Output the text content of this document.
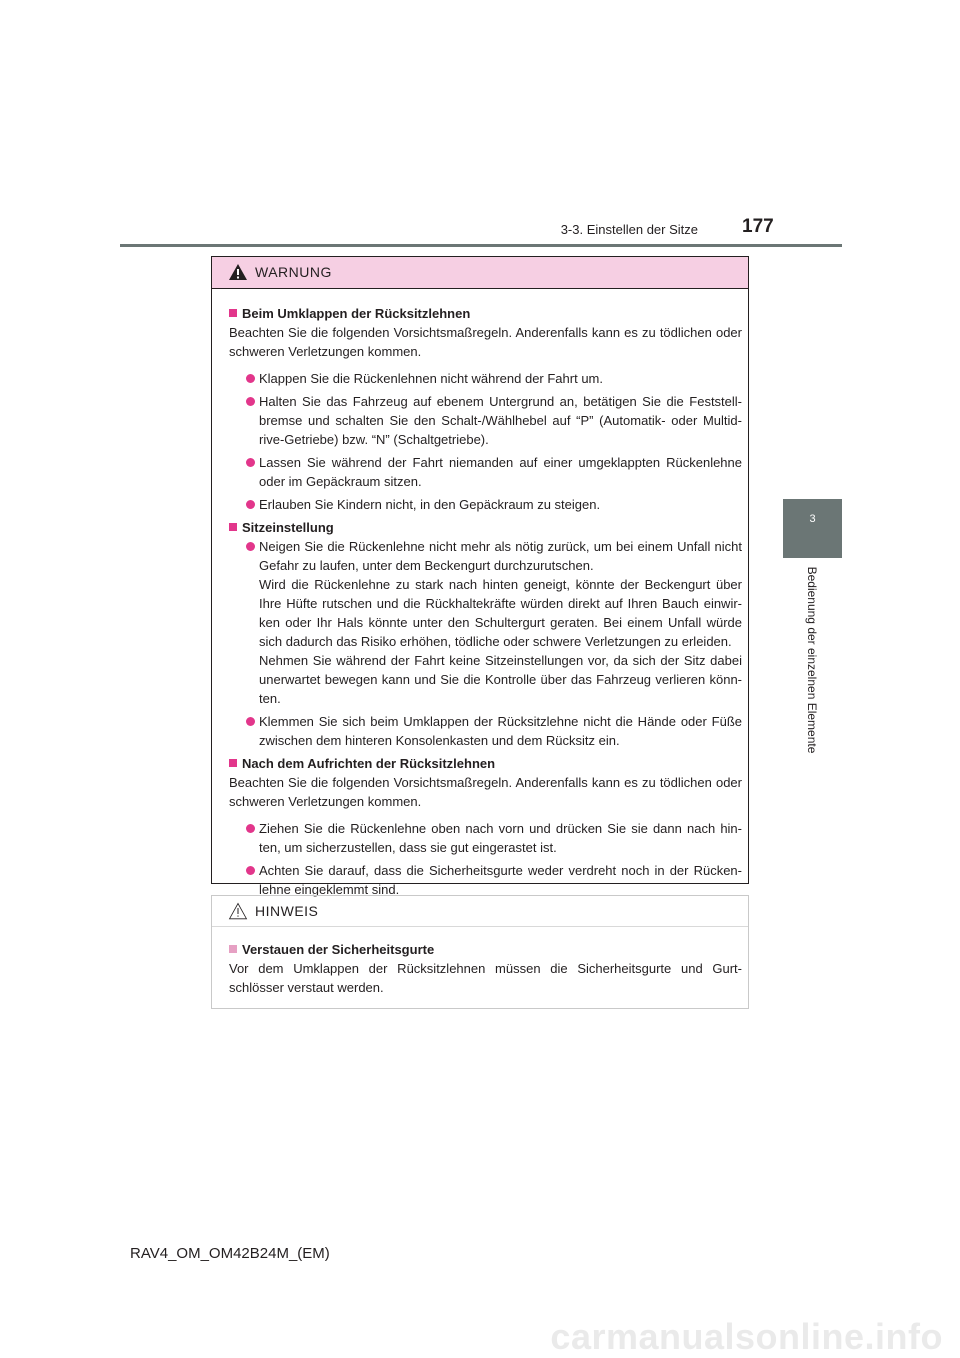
3-3. Einstellen der Sitze 177
3
Bedienung der einzelnen Elemente
WARNUNG
Beim Umklappen der Rücksitzlehnen
Beachten Sie die folgenden Vorsichtsmaßregeln. Anderenfalls kann es zu tödlichen oder schweren Verletzungen kommen.
Klappen Sie die Rückenlehnen nicht während der Fahrt um.
Halten Sie das Fahrzeug auf ebenem Untergrund an, betätigen Sie die Feststell-bremse und schalten Sie den Schalt-/Wählhebel auf “P” (Automatik- oder Multid-rive-Getriebe) bzw. “N” (Schaltgetriebe).
Lassen Sie während der Fahrt niemanden auf einer umgeklappten Rückenlehne oder im Gepäckraum sitzen.
Erlauben Sie Kindern nicht, in den Gepäckraum zu steigen.
Sitzeinstellung
Neigen Sie die Rückenlehne nicht mehr als nötig zurück, um bei einem Unfall nicht Gefahr zu laufen, unter dem Beckengurt durchzurutschen.
Wird die Rückenlehne zu stark nach hinten geneigt, könnte der Beckengurt über Ihre Hüfte rutschen und die Rückhaltekräfte würden direkt auf Ihren Bauch einwir-ken oder Ihr Hals könnte unter den Schultergurt geraten. Bei einem Unfall würde sich dadurch das Risiko erhöhen, tödliche oder schwere Verletzungen zu erleiden.
Nehmen Sie während der Fahrt keine Sitzeinstellungen vor, da sich der Sitz dabei unerwartet bewegen kann und Sie die Kontrolle über das Fahrzeug verlieren könn-ten.
Klemmen Sie sich beim Umklappen der Rücksitzlehne nicht die Hände oder Füße zwischen dem hinteren Konsolenkasten und dem Rücksitz ein.
Nach dem Aufrichten der Rücksitzlehnen
Beachten Sie die folgenden Vorsichtsmaßregeln. Anderenfalls kann es zu tödlichen oder schweren Verletzungen kommen.
Ziehen Sie die Rückenlehne oben nach vorn und drücken Sie sie dann nach hin-ten, um sicherzustellen, dass sie gut eingerastet ist.
Achten Sie darauf, dass die Sicherheitsgurte weder verdreht noch in der Rücken-lehne eingeklemmt sind.
HINWEIS
Verstauen der Sicherheitsgurte
Vor dem Umklappen der Rücksitzlehnen müssen die Sicherheitsgurte und Gurt-schlösser verstaut werden.
RAV4_OM_OM42B24M_(EM)
carmanualsonline.info
